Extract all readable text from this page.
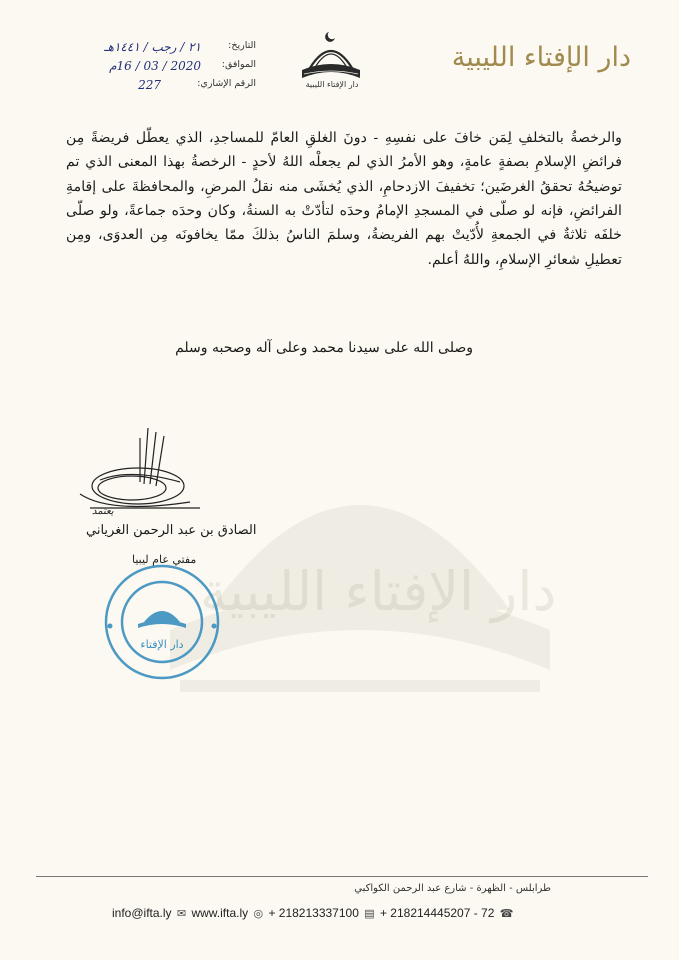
دار الإفتاء الليبية
دار الإفتاء الليبية
دار الإفتاء الليبية
التاريخ:
٢١ / رجب / ١٤٤١هـ
الموافق:
2020 / 03 / 16م
الرقم الإشاري:
227

والرخصةُ بالتخلفِ لِمَن خافَ على نفسِهِ - دونَ الغلقِ العامّ للمساجدِ، الذي يعطّل فريضةً مِن فرائضِ الإسلامِ بصفةٍ عامةٍ، وهو الأمرُ الذي لم يجعلْه اللهُ لأحدٍ - الرخصةُ بهذا المعنى الذي تم توضيحُهُ تحققُ الغرضَين؛ تخفيفَ الازدحامِ، الذي يُخشَى منه نقلُ المرضِ، والمحافظةَ على إقامةِ الفرائضِ، فإنه لو صلّى في المسجدِ الإمامُ وحدَه لتأدّتْ به السنةُ، وكان وحدَه جماعةً، ولو صلّى خلفَه ثلاثةٌ في الجمعةِ لأُدّيتْ بهم الفريضةُ، وسلمَ الناسُ بذلكَ ممّا يخافونَه مِن العدوَى، ومِن تعطيلِ شعائرِ الإسلامِ، واللهُ أعلم.

وصلى الله على سيدنا محمد وعلى آله وصحبه وسلم
يعتمد
الصادق بن عبد الرحمن الغرياني
مفتي عام ليبيا
دار الإفتاء
طرابلس - الظهرة - شارع عبد الرحمن الكواكبي
info@ifta.ly ✉ www.ifta.ly ◎ + 218213337100 ▤ + 218214445207 - 72 ☎
